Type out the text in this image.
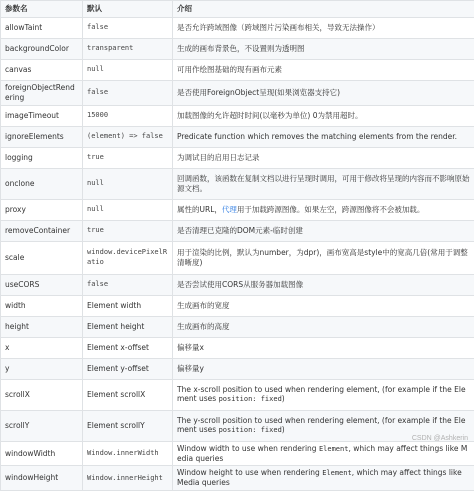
参数名	默认	介绍
allowTaint	false	是否允许跨域图像（跨域图片污染画布相关，导致无法操作）
backgroundColor	transparent	生成的画布背景色，不设置则为透明图
canvas	null	可用作绘图基础的现有画布元素
foreignObjectRendering	false	是否使用ForeignObject呈现(如果浏览器支持它)
imageTimeout	15000	加载图像的允许超时时间(以毫秒为单位) 0为禁用超时。
ignoreElements	(element) => false	Predicate function which removes the matching elements from the render.
logging	true	为调试目的启用日志记录
onclone	null	回调函数，该函数在复制文档以进行呈现时调用，可用于修改将呈现的内容而不影响原始源文档。
proxy	null	属性的URL，代理用于加载跨源图像。如果左空，跨源图像将不会被加载。
removeContainer	true	是否清理已克隆的DOM元素-临时创建
scale	window.devicePixelRatio	用于渲染的比例，默认为number，为dpr)，画布宽高是style中的宽高几倍(常用于调整清晰度)
useCORS	false	是否尝试使用CORS从服务器加载图像
width	Element width	生成画布的宽度
height	Element height	生成画布的高度
x	Element x-offset	偏移量x
y	Element y-offset	偏移量y
scrollX	Element scrollX	The x-scroll position to used when rendering element, (for example if the Element uses position: fixed)
scrollY	Element scrollY	The y-scroll position to used when rendering element, (for example if the Element uses position: fixed)
windowWidth	Window.innerWidth	Window width to use when rendering Element, which may affect things like Media queries
windowHeight	Window.innerHeight	Window height to use when rendering Element, which may affect things like Media queries
CSDN @Ashkerin
